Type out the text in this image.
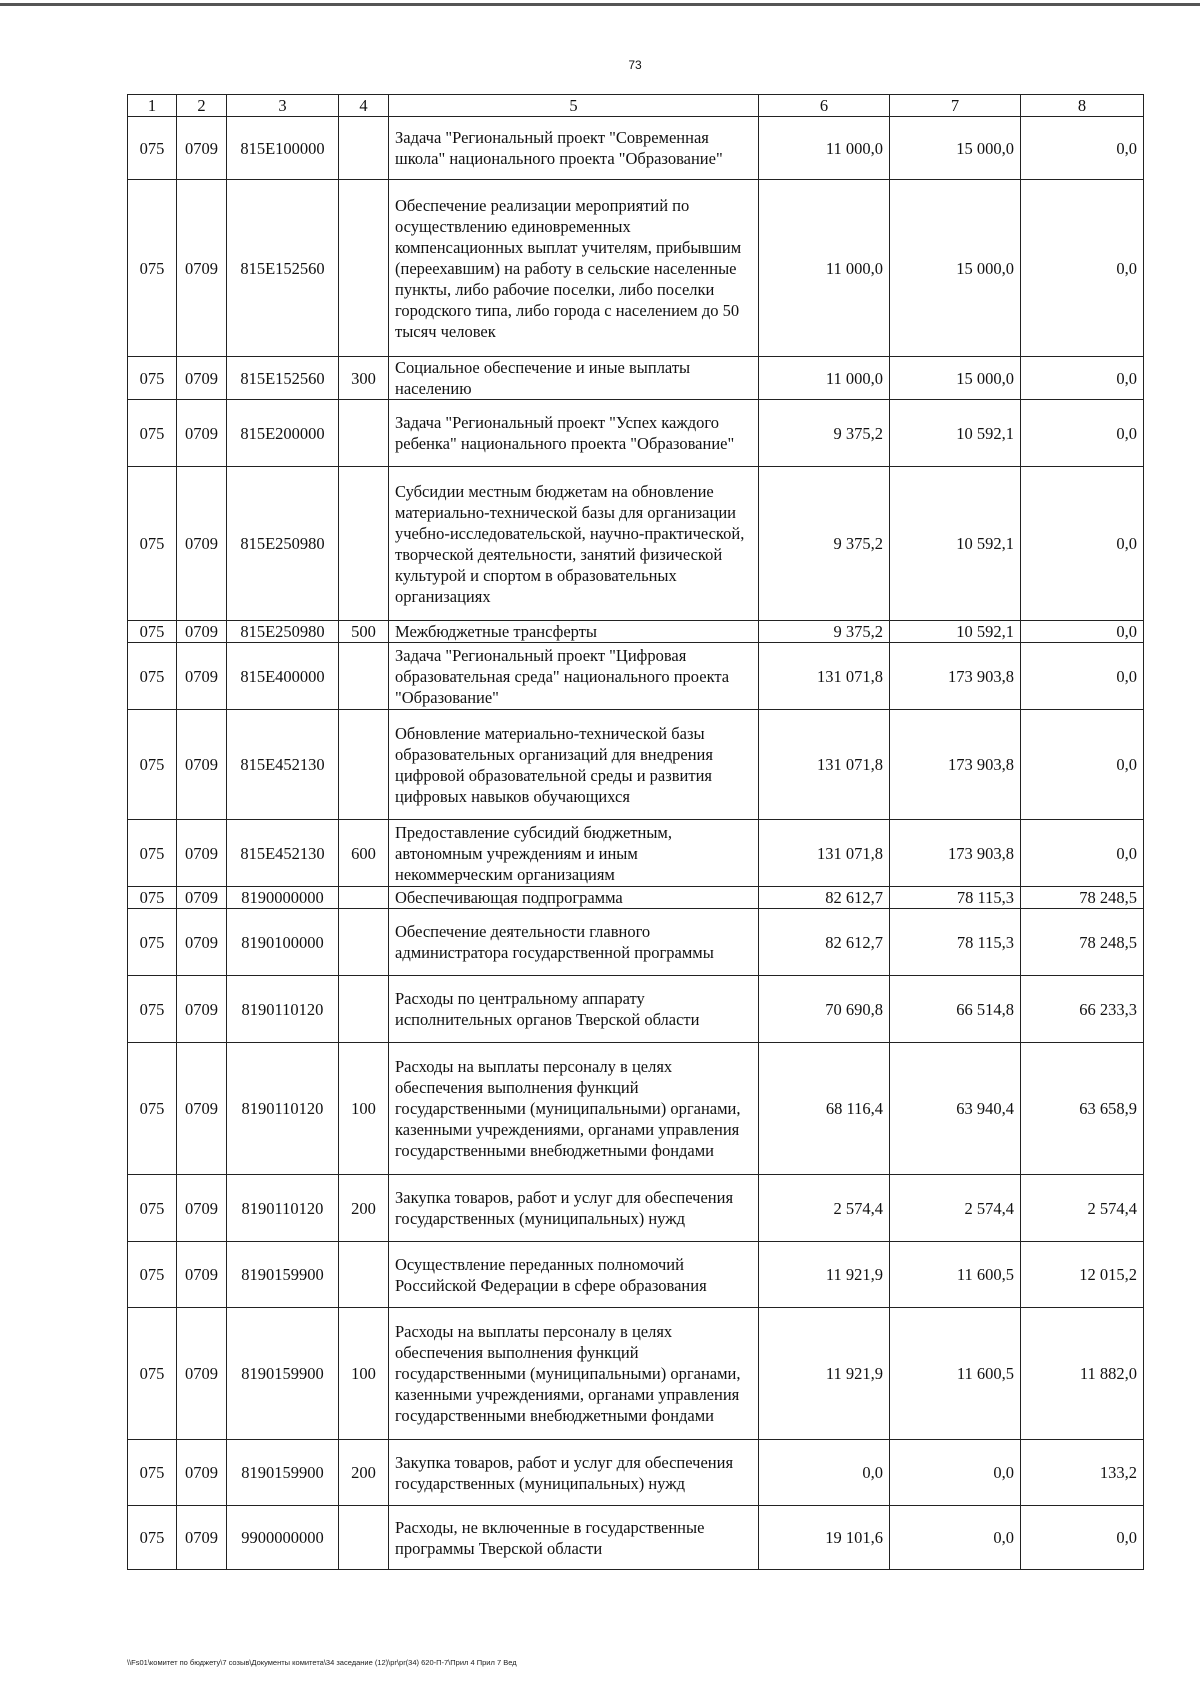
73
1	2	3	4	5	6	7	8
075	0709	815E100000		Задача "Региональный проект "Современная школа" национального проекта "Образование"	11 000,0	15 000,0	0,0
075	0709	815E152560		Обеспечение реализации мероприятий по осуществлению единовременных компенсационных выплат учителям, прибывшим (переехавшим) на работу в сельские населенные пункты, либо рабочие поселки, либо поселки городского типа, либо города с населением до 50 тысяч человек	11 000,0	15 000,0	0,0
075	0709	815E152560	300	Социальное обеспечение и иные выплаты населению	11 000,0	15 000,0	0,0
075	0709	815E200000		Задача "Региональный проект "Успех каждого ребенка" национального проекта "Образование"	9 375,2	10 592,1	0,0
075	0709	815E250980		Субсидии местным бюджетам на обновление материально-технической базы для организации учебно-исследовательской, научно-практической, творческой деятельности, занятий физической культурой и спортом в образовательных организациях	9 375,2	10 592,1	0,0
075	0709	815E250980	500	Межбюджетные трансферты	9 375,2	10 592,1	0,0
075	0709	815E400000		Задача "Региональный проект "Цифровая образовательная среда" национального проекта "Образование"	131 071,8	173 903,8	0,0
075	0709	815E452130		Обновление материально-технической базы образовательных организаций для внедрения цифровой образовательной среды и развития цифровых навыков обучающихся	131 071,8	173 903,8	0,0
075	0709	815E452130	600	Предоставление субсидий бюджетным, автономным учреждениям и иным некоммерческим организациям	131 071,8	173 903,8	0,0
075	0709	8190000000		Обеспечивающая подпрограмма	82 612,7	78 115,3	78 248,5
075	0709	8190100000		Обеспечение деятельности главного администратора государственной программы	82 612,7	78 115,3	78 248,5
075	0709	8190110120		Расходы по центральному аппарату исполнительных органов Тверской области	70 690,8	66 514,8	66 233,3
075	0709	8190110120	100	Расходы на выплаты персоналу в целях обеспечения выполнения функций государственными (муниципальными) органами, казенными учреждениями, органами управления государственными внебюджетными фондами	68 116,4	63 940,4	63 658,9
075	0709	8190110120	200	Закупка товаров, работ и услуг для обеспечения государственных (муниципальных) нужд	2 574,4	2 574,4	2 574,4
075	0709	8190159900		Осуществление переданных полномочий Российской Федерации в сфере образования	11 921,9	11 600,5	12 015,2
075	0709	8190159900	100	Расходы на выплаты персоналу в целях обеспечения выполнения функций государственными (муниципальными) органами, казенными учреждениями, органами управления государственными внебюджетными фондами	11 921,9	11 600,5	11 882,0
075	0709	8190159900	200	Закупка товаров, работ и услуг для обеспечения государственных (муниципальных) нужд	0,0	0,0	133,2
075	0709	9900000000		Расходы, не включенные в государственные программы Тверской области	19 101,6	0,0	0,0
\\Fs01\комитет по бюджету\7 созыв\Документы комитета\34 заседание (12)\pr\pr(34) 620-П-7\Прил 4 Прил 7 Вед
